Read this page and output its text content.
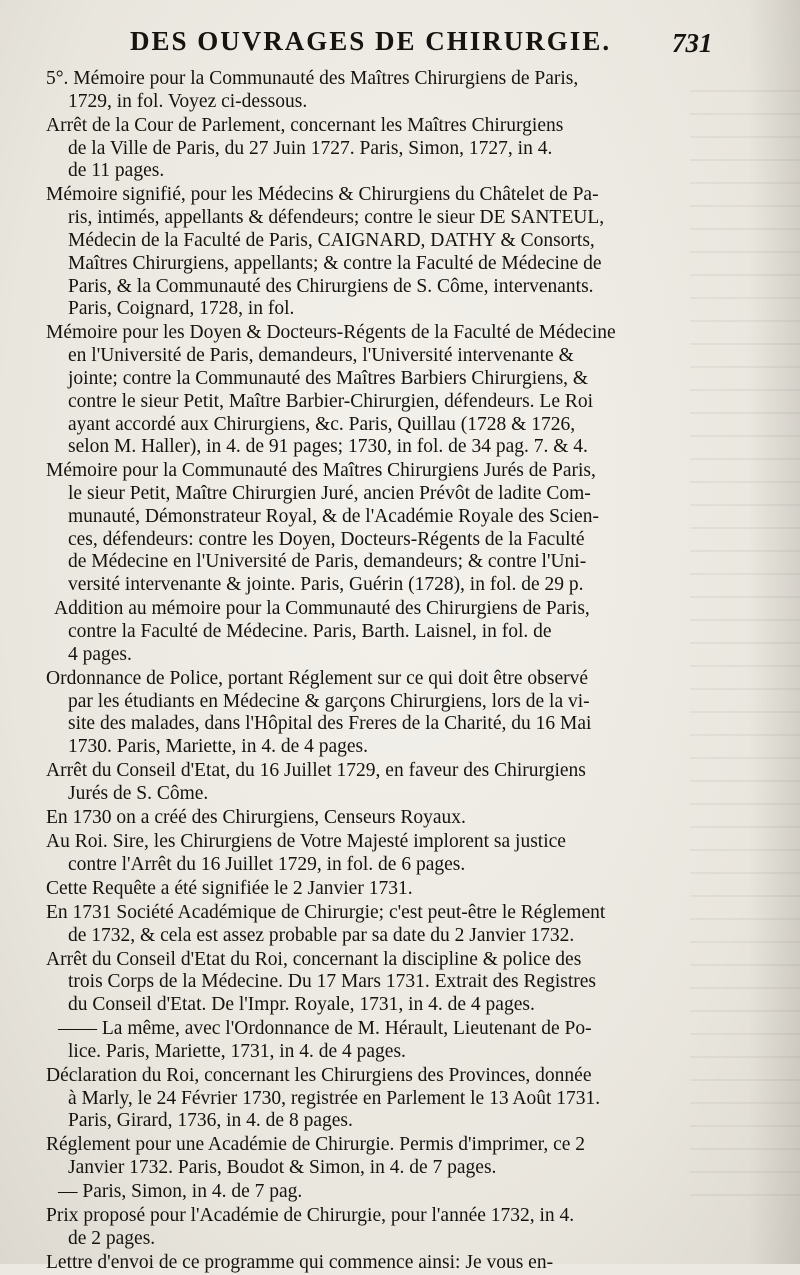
DES OUVRAGES DE CHIRURGIE. 731
5°. Mémoire pour la Communauté des Maîtres Chirurgiens de Paris,
1729, in fol. Voyez ci-dessous.
Arrêt de la Cour de Parlement, concernant les Maîtres Chirurgiens
de la Ville de Paris, du 27 Juin 1727. Paris, Simon, 1727, in 4.
de 11 pages.
Mémoire signifié, pour les Médecins & Chirurgiens du Châtelet de Pa-
ris, intimés, appellants & défendeurs; contre le sieur DE SANTEUL,
Médecin de la Faculté de Paris, CAIGNARD, DATHY & Consorts,
Maîtres Chirurgiens, appellants; & contre la Faculté de Médecine de
Paris, & la Communauté des Chirurgiens de S. Côme, intervenants.
Paris, Coignard, 1728, in fol.
Mémoire pour les Doyen & Docteurs-Régents de la Faculté de Médecine
en l'Université de Paris, demandeurs, l'Université intervenante &
jointe; contre la Communauté des Maîtres Barbiers Chirurgiens, &
contre le sieur Petit, Maître Barbier-Chirurgien, défendeurs. Le Roi
ayant accordé aux Chirurgiens, &c. Paris, Quillau (1728 & 1726,
selon M. Haller), in 4. de 91 pages; 1730, in fol. de 34 pag. 7. & 4.
Mémoire pour la Communauté des Maîtres Chirurgiens Jurés de Paris,
le sieur Petit, Maître Chirurgien Juré, ancien Prévôt de ladite Com-
munauté, Démonstrateur Royal, & de l'Académie Royale des Scien-
ces, défendeurs: contre les Doyen, Docteurs-Régents de la Faculté
de Médecine en l'Université de Paris, demandeurs; & contre l'Uni-
versité intervenante & jointe. Paris, Guérin (1728), in fol. de 29 p.
Addition au mémoire pour la Communauté des Chirurgiens de Paris,
contre la Faculté de Médecine. Paris, Barth. Laisnel, in fol. de
4 pages.
Ordonnance de Police, portant Réglement sur ce qui doit être observé
par les étudiants en Médecine & garçons Chirurgiens, lors de la vi-
site des malades, dans l'Hôpital des Freres de la Charité, du 16 Mai
1730. Paris, Mariette, in 4. de 4 pages.
Arrêt du Conseil d'Etat, du 16 Juillet 1729, en faveur des Chirurgiens
Jurés de S. Côme.
En 1730 on a créé des Chirurgiens, Censeurs Royaux.
Au Roi. Sire, les Chirurgiens de Votre Majesté implorent sa justice
contre l'Arrêt du 16 Juillet 1729, in fol. de 6 pages.
Cette Requête a été signifiée le 2 Janvier 1731.
En 1731 Société Académique de Chirurgie; c'est peut-être le Réglement
de 1732, & cela est assez probable par sa date du 2 Janvier 1732.
Arrêt du Conseil d'Etat du Roi, concernant la discipline & police des
trois Corps de la Médecine. Du 17 Mars 1731. Extrait des Registres
du Conseil d'Etat. De l'Impr. Royale, 1731, in 4. de 4 pages.
—— La même, avec l'Ordonnance de M. Hérault, Lieutenant de Po-
lice. Paris, Mariette, 1731, in 4. de 4 pages.
Déclaration du Roi, concernant les Chirurgiens des Provinces, donnée
à Marly, le 24 Février 1730, registrée en Parlement le 13 Août 1731.
Paris, Girard, 1736, in 4. de 8 pages.
Réglement pour une Académie de Chirurgie. Permis d'imprimer, ce 2
Janvier 1732. Paris, Boudot & Simon, in 4. de 7 pages.
— Paris, Simon, in 4. de 7 pag.
Prix proposé pour l'Académie de Chirurgie, pour l'année 1732, in 4.
de 2 pages.
Lettre d'envoi de ce programme qui commence ainsi: Je vous en-
